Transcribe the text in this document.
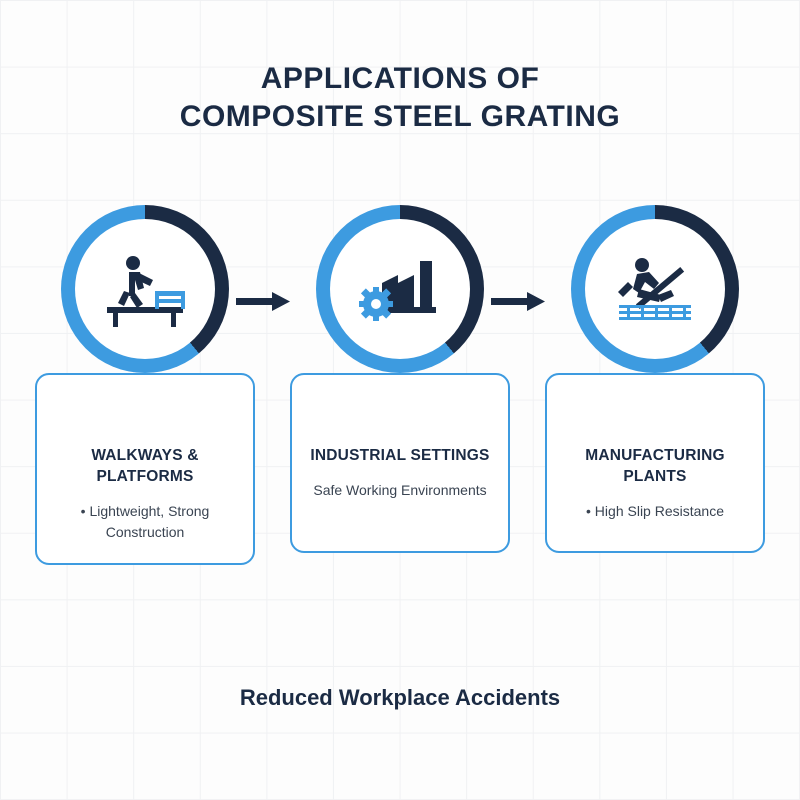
APPLICATIONS OF
COMPOSITE STEEL GRATING
WALKWAYS & PLATFORMS
• Lightweight, Strong Construction
INDUSTRIAL SETTINGS
Safe Working Environments
MANUFACTURING PLANTS
• High Slip Resistance
Reduced Workplace Accidents
